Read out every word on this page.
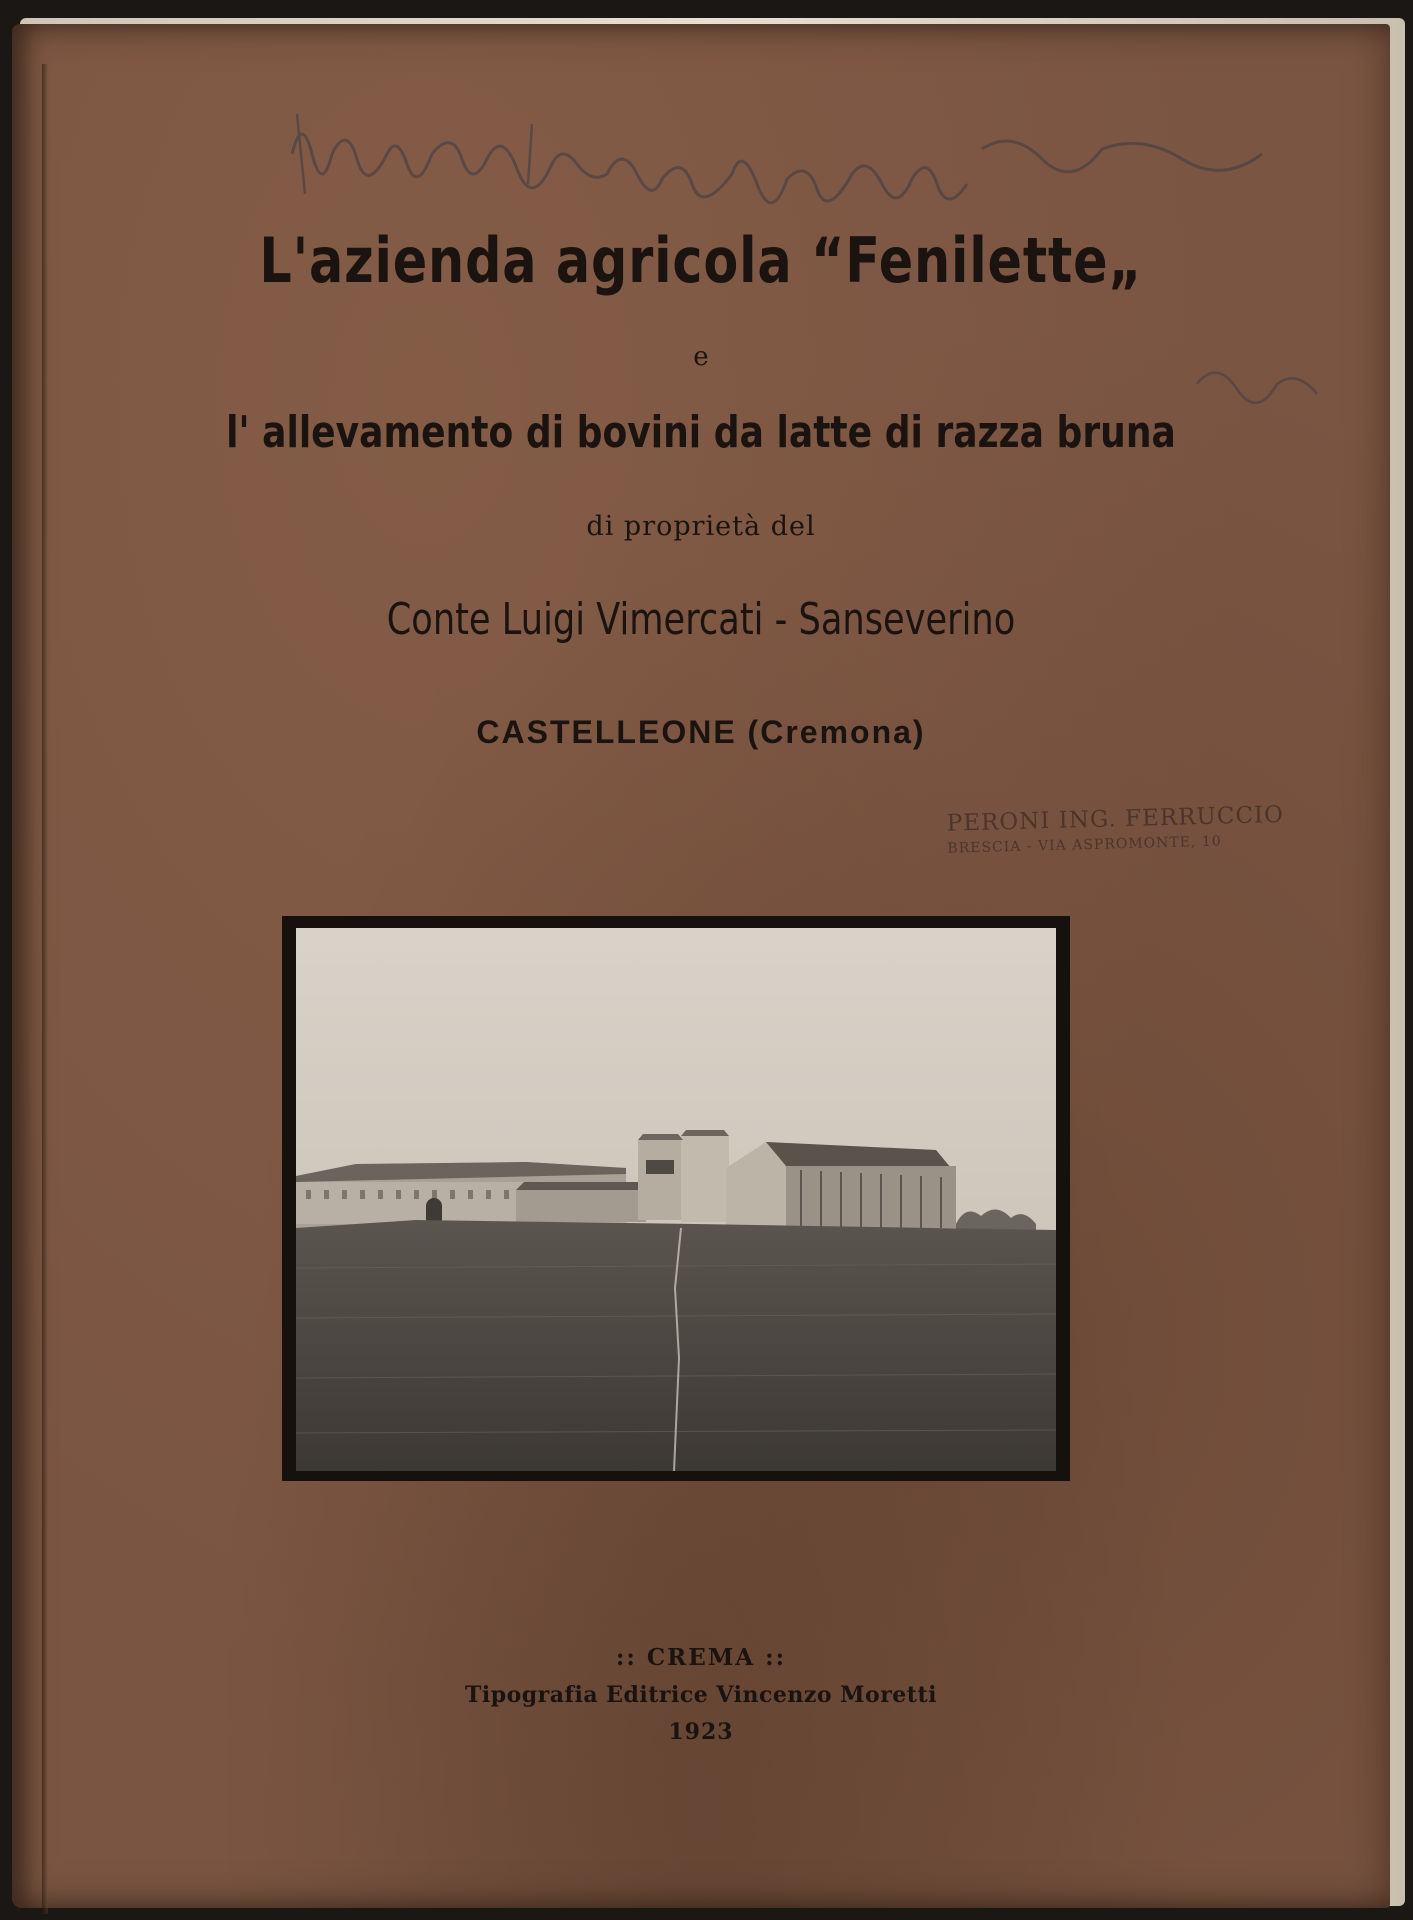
L'azienda agricola “Fenilette„

e

l' allevamento di bovini da latte di razza bruna

di proprietà del

Conte Luigi Vimercati - Sanseverino

CASTELLEONE (Cremona)

PERONI ING. FERRUCCIO
BRESCIA - VIA ASPROMONTE, 10

:: CREMA ::

Tipografia Editrice Vincenzo Moretti

1923
